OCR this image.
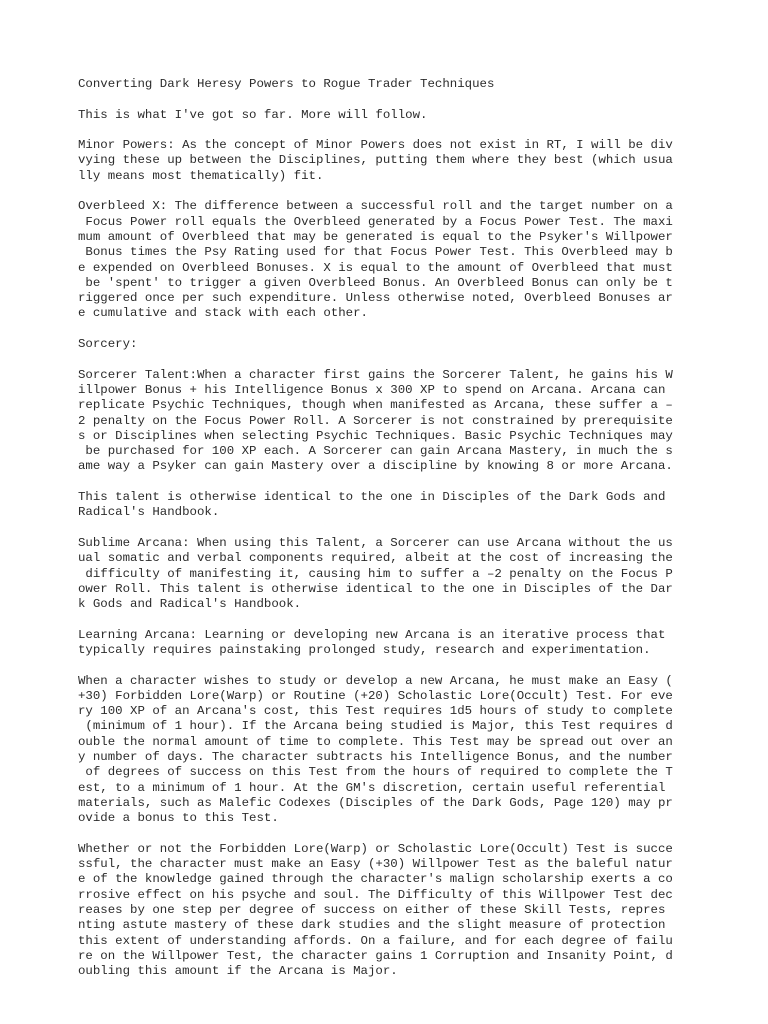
Converting Dark Heresy Powers to Rogue Trader Techniques
This is what I've got so far. More will follow.
Minor Powers: As the concept of Minor Powers does not exist in RT, I will be div
vying these up between the Disciplines, putting them where they best (which usua
lly means most thematically) fit.
Overbleed X: The difference between a successful roll and the target number on a
Focus Power roll equals the Overbleed generated by a Focus Power Test. The maxi
mum amount of Overbleed that may be generated is equal to the Psyker's Willpower
Bonus times the Psy Rating used for that Focus Power Test. This Overbleed may b
e expended on Overbleed Bonuses. X is equal to the amount of Overbleed that must
be 'spent' to trigger a given Overbleed Bonus. An Overbleed Bonus can only be t
riggered once per such expenditure. Unless otherwise noted, Overbleed Bonuses ar
e cumulative and stack with each other.
Sorcery:
Sorcerer Talent:When a character first gains the Sorcerer Talent, he gains his W
illpower Bonus + his Intelligence Bonus x 300 XP to spend on Arcana. Arcana can
replicate Psychic Techniques, though when manifested as Arcana, these suffer a –
2 penalty on the Focus Power Roll. A Sorcerer is not constrained by prerequisite
s or Disciplines when selecting Psychic Techniques. Basic Psychic Techniques may
be purchased for 100 XP each. A Sorcerer can gain Arcana Mastery, in much the s
ame way a Psyker can gain Mastery over a discipline by knowing 8 or more Arcana.
This talent is otherwise identical to the one in Disciples of the Dark Gods and
Radical's Handbook.
Sublime Arcana: When using this Talent, a Sorcerer can use Arcana without the us
ual somatic and verbal components required, albeit at the cost of increasing the
difficulty of manifesting it, causing him to suffer a –2 penalty on the Focus P
ower Roll. This talent is otherwise identical to the one in Disciples of the Dar
k Gods and Radical's Handbook.
Learning Arcana: Learning or developing new Arcana is an iterative process that
typically requires painstaking prolonged study, research and experimentation.
When a character wishes to study or develop a new Arcana, he must make an Easy (
+30) Forbidden Lore(Warp) or Routine (+20) Scholastic Lore(Occult) Test. For eve
ry 100 XP of an Arcana's cost, this Test requires 1d5 hours of study to complete
(minimum of 1 hour). If the Arcana being studied is Major, this Test requires d
ouble the normal amount of time to complete. This Test may be spread out over an
y number of days. The character subtracts his Intelligence Bonus, and the number
of degrees of success on this Test from the hours of required to complete the T
est, to a minimum of 1 hour. At the GM's discretion, certain useful referential
materials, such as Malefic Codexes (Disciples of the Dark Gods, Page 120) may pr
ovide a bonus to this Test.
Whether or not the Forbidden Lore(Warp) or Scholastic Lore(Occult) Test is succe
ssful, the character must make an Easy (+30) Willpower Test as the baleful natur
e of the knowledge gained through the character's malign scholarship exerts a co
rrosive effect on his psyche and soul. The Difficulty of this Willpower Test dec
reases by one step per degree of success on either of these Skill Tests, repres
nting astute mastery of these dark studies and the slight measure of protection
this extent of understanding affords. On a failure, and for each degree of failu
re on the Willpower Test, the character gains 1 Corruption and Insanity Point, d
oubling this amount if the Arcana is Major.
